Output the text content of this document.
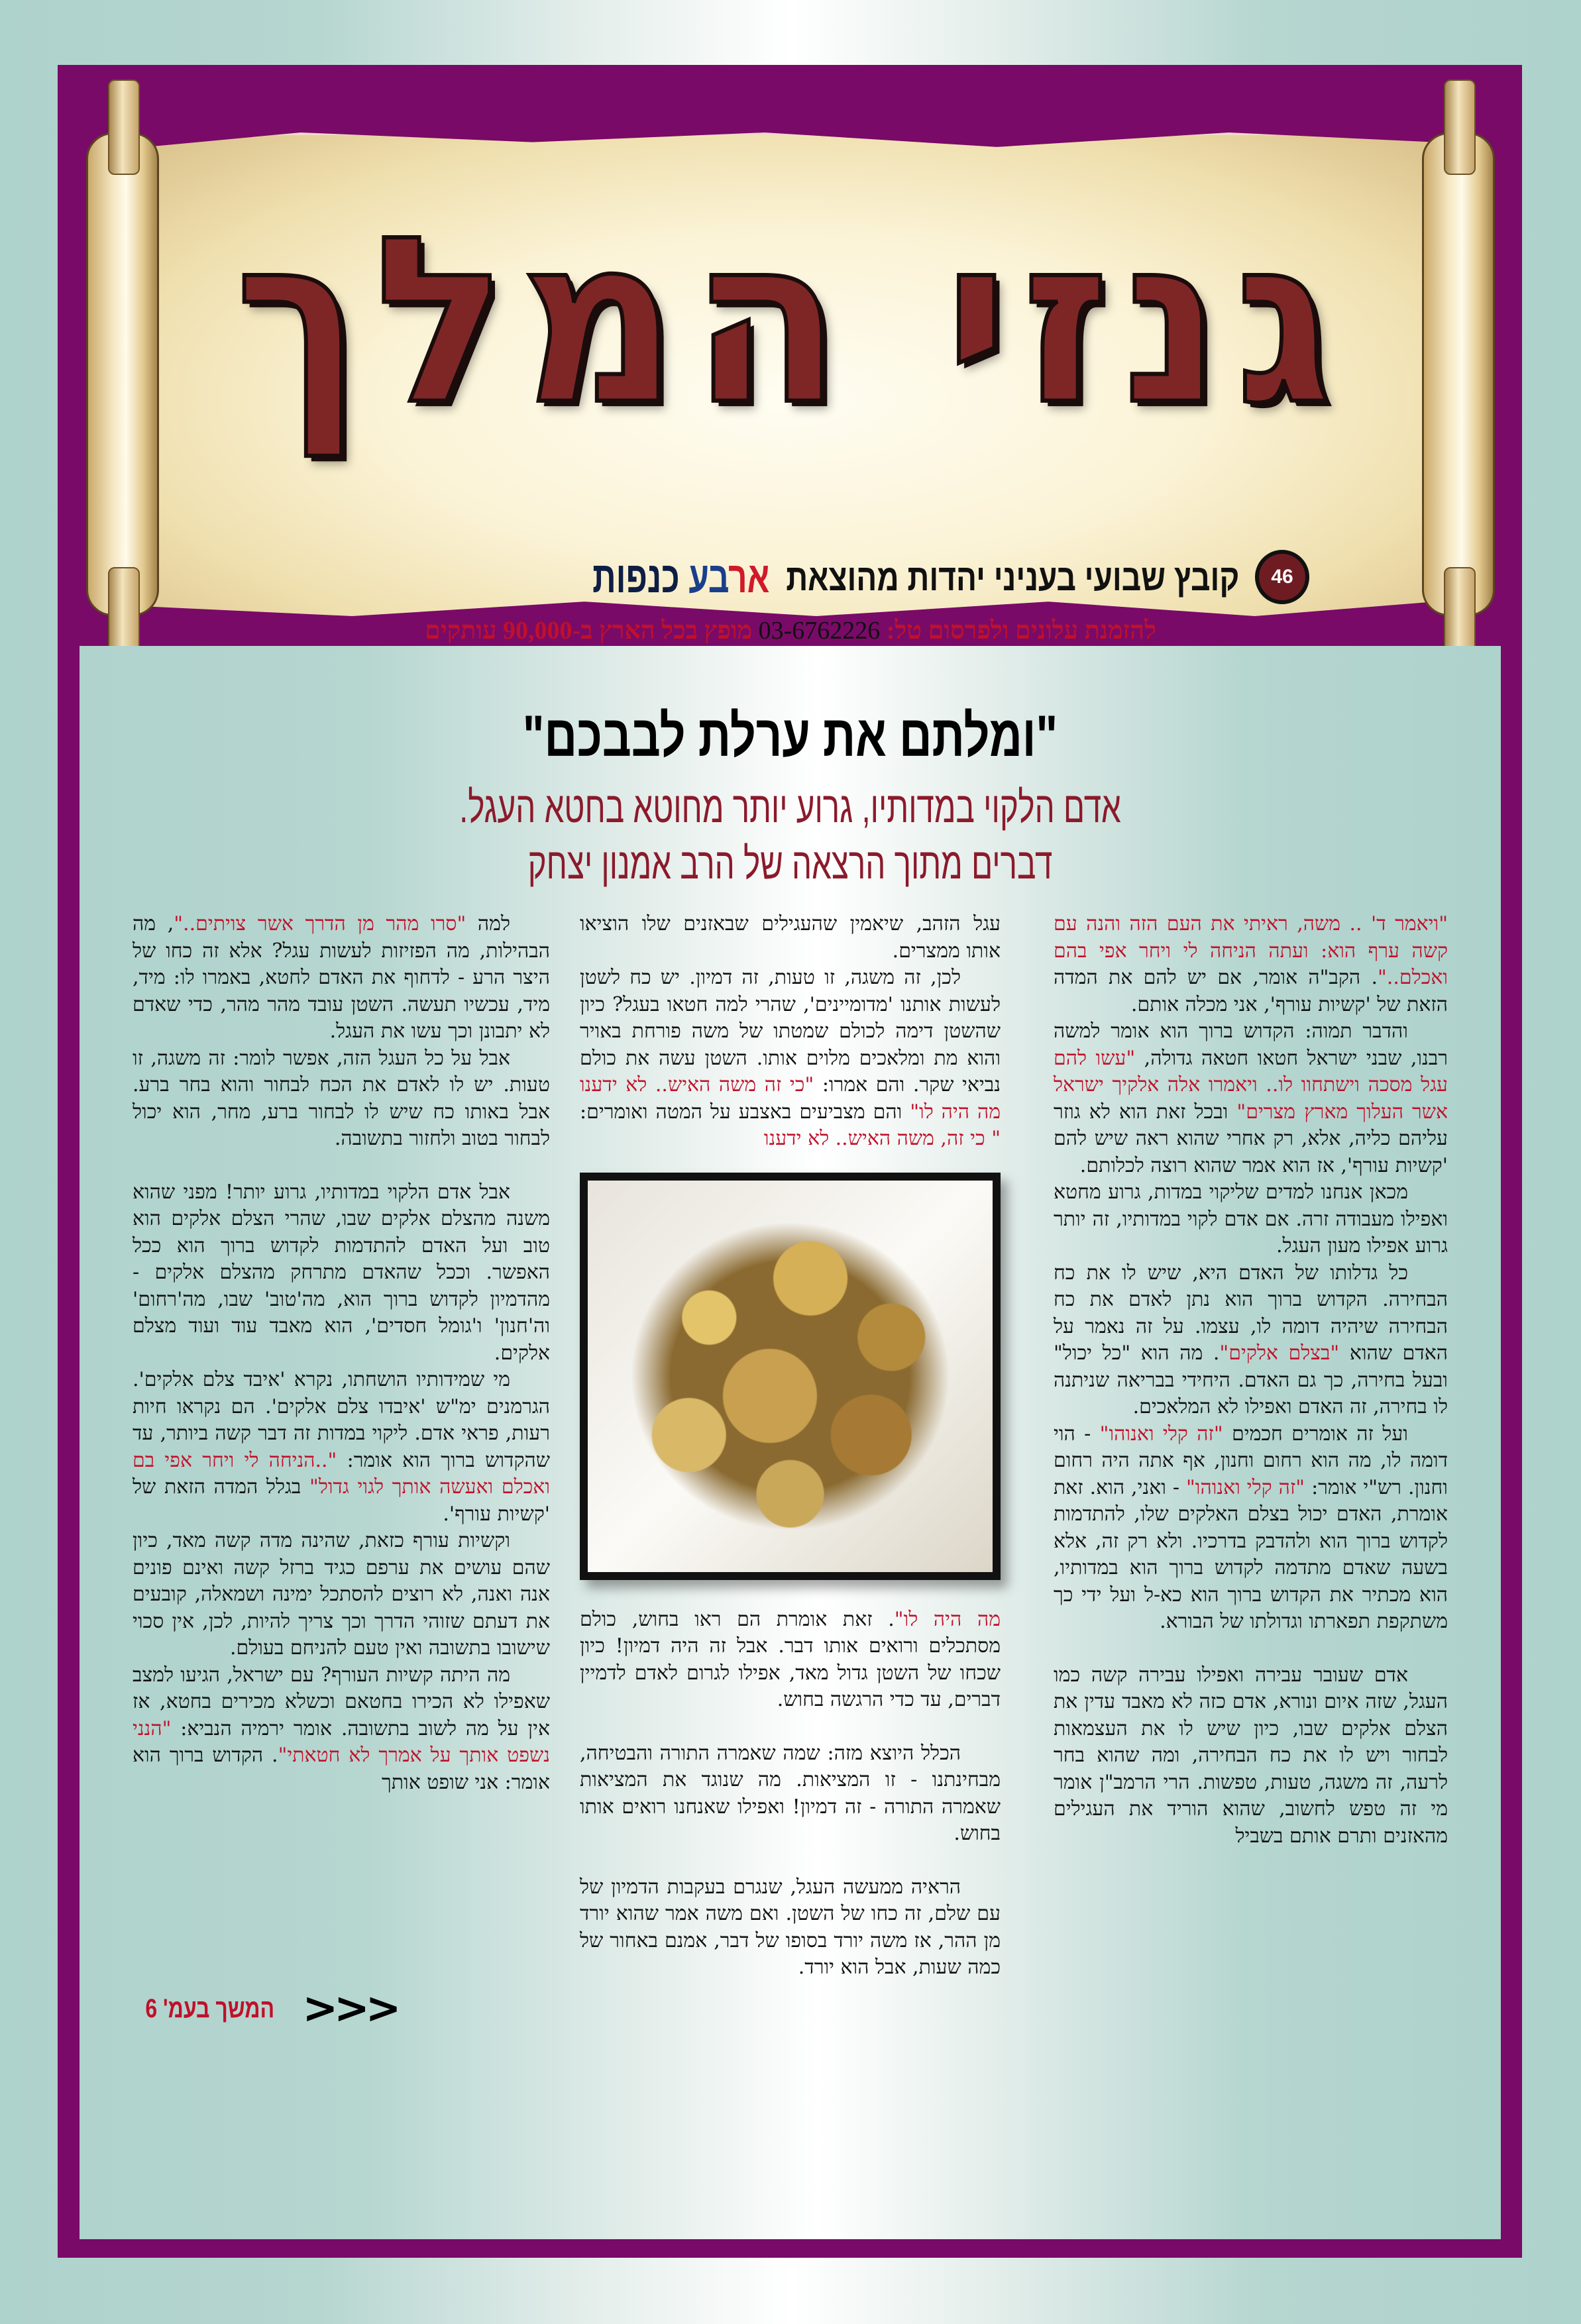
גנזי המלך
46
קובץ שבועי בעניני יהדות מהוצאת
ארבע כנפות
להזמנת עלונים ולפרסום טל: 03-6762226 מופץ בכל הארץ ב-90,000 עותקים
"ומלתם את ערלת לבבכם"
אדם הלקוי במדותיו, גרוע יותר מחוטא בחטא העגל.
דברים מתוך הרצאה של הרב אמנון יצחק

"ויאמר ד' .. משה, ראיתי את העם הזה והנה עם קשה ערף הוא: ועתה הניחה לי ויחר אפי בהם ואכלם..". הקב"ה אומר, אם יש להם את המדה הזאת של 'קשיות עורף', אני מכלה אותם.

והדבר תמוה: הקדוש ברוך הוא אומר למשה רבנו, שבני ישראל חטאו חטאה גדולה, "עשו להם עגל מסכה וישתחוו לו.. ויאמרו אלה אלקיך ישראל אשר העלוך מארץ מצרים" ובכל זאת הוא לא גוזר עליהם כליה, אלא, רק אחרי שהוא ראה שיש להם 'קשיות עורף', אז הוא אמר שהוא רוצה לכלותם.

מכאן אנחנו למדים שליקוי במדות, גרוע מחטא ואפילו מעבודה זרה. אם אדם לקוי במדותיו, זה יותר גרוע אפילו מעון העגל.

כל גדלותו של האדם היא, שיש לו את כח הבחירה. הקדוש ברוך הוא נתן לאדם את כח הבחירה שיהיה דומה לו, עצמו. על זה נאמר על האדם שהוא "בצלם אלקים". מה הוא "כל יכול" ובעל בחירה, כך גם האדם. היחידי בבריאה שניתנה לו בחירה, זה האדם ואפילו לא המלאכים.

ועל זה אומרים חכמים "זה קלי ואנוהו" - הוי דומה לו, מה הוא רחום וחנון, אף אתה היה רחום וחנון. רש"י אומר: "זה קלי ואנוהו" - ואני, הוא. זאת אומרת, האדם יכול בצלם האלקים שלו, להתדמות לקדוש ברוך הוא ולהדבק בדרכיו. ולא רק זה, אלא בשעה שאדם מתדמה לקדוש ברוך הוא במדותיו, הוא מכתיר את הקדוש ברוך הוא כא-ל ועל ידי כך משתקפת תפארתו וגדולתו של הבורא.

אדם שעובר עבירה ואפילו עבירה קשה כמו העגל, שזה איום ונורא, אדם כזה לא מאבד עדין את הצלם אלקים שבו, כיון שיש לו את העצמאות לבחור ויש לו את כח הבחירה, ומה שהוא בחר לרעה, זה משגה, טעות, טפשות. הרי הרמב"ן אומר מי זה טפש לחשוב, שהוא הוריד את העגילים מהאזנים ותרם אותם בשביל

עגל הזהב, שיאמין שהעגילים שבאזנים שלו הוציאו אותו ממצרים.

לכן, זה משגה, זו טעות, זה דמיון. יש כח לשטן לעשות אותנו 'מדומיינים', שהרי למה חטאו בעגל? כיון שהשטן דימה לכולם שמטתו של משה פורחת באויר והוא מת ומלאכים מלוים אותו. השטן עשה את כולם נביאי שקר. והם אמרו: "כי זה משה האיש.. לא ידענו מה היה לו" והם מצביעים באצבע על המטה ואומרים: " כי זה, משה האיש.. לא ידענו

מה היה לו". זאת אומרת הם ראו בחוש, כולם מסתכלים ורואים אותו דבר. אבל זה היה דמיון! כיון שכחו של השטן גדול מאד, אפילו לגרום לאדם לדמיין דברים, עד כדי הרגשה בחוש.

הכלל היוצא מזה: שמה שאמרה התורה והבטיחה, מבחינתנו - זו המציאות. מה שנוגד את המציאות שאמרה התורה - זה דמיון! ואפילו שאנחנו רואים אותו בחוש.

הראיה ממעשה העגל, שנגרם בעקבות הדמיון של עם שלם, זה כחו של השטן. ואם משה אמר שהוא יורד מן ההר, אז משה יורד בסופו של דבר, אמנם באחור של כמה שעות, אבל הוא יורד.

למה "סרו מהר מן הדרך אשר צויתים..", מה הבהילות, מה הפזיזות לעשות עגל? אלא זה כחו של היצר הרע - לדחוף את האדם לחטא, באמרו לו: מיד, מיד, עכשיו תעשה. השטן עובד מהר מהר, כדי שאדם לא יתבונן וכך עשו את העגל.

אבל על כל העגל הזה, אפשר לומר: זה משגה, זו טעות. יש לו לאדם את הכח לבחור והוא בחר ברע. אבל באותו כח שיש לו לבחור ברע, מחר, הוא יכול לבחור בטוב ולחזור בתשובה.

אבל אדם הלקוי במדותיו, גרוע יותר! מפני שהוא משנה מהצלם אלקים שבו, שהרי הצלם אלקים הוא טוב ועל האדם להתדמות לקדוש ברוך הוא ככל האפשר. וככל שהאדם מתרחק מהצלם אלקים - מהדמיון לקדוש ברוך הוא, מה'טוב' שבו, מה'רחום' וה'חנון' ו'גומל חסדים', הוא מאבד עוד ועוד מצלם אלקים.

מי שמידותיו הושחתו, נקרא 'איבד צלם אלקים'. הגרמנים ימ"ש 'איבדו צלם אלקים'. הם נקראו חיות רעות, פראי אדם. ליקוי במדות זה דבר קשה ביותר, עד שהקדוש ברוך הוא אומר: "..הניחה לי ויחר אפי בם ואכלם ואעשה אותך לגוי גדול" בגלל המדה הזאת של 'קשיות עורף'.

וקשיות עורף כזאת, שהינה מדה קשה מאד, כיון שהם עושים את ערפם כגיד ברזל קשה ואינם פונים אנה ואנה, לא רוצים להסתכל ימינה ושמאלה, קובעים את דעתם שזוהי הדרך וכך צריך להיות, לכן, אין סכוי שישובו בתשובה ואין טעם להניחם בעולם.

מה היתה קשיות העורף? עם ישראל, הגיעו למצב שאפילו לא הכירו בחטאם וכשלא מכירים בחטא, אז אין על מה לשוב בתשובה. אומר ירמיה הנביא: "הנני נשפט אותך על אמרך לא חטאתי". הקדוש ברוך הוא אומר: אני שופט אותך

המשך בעמ' 6 <<<
